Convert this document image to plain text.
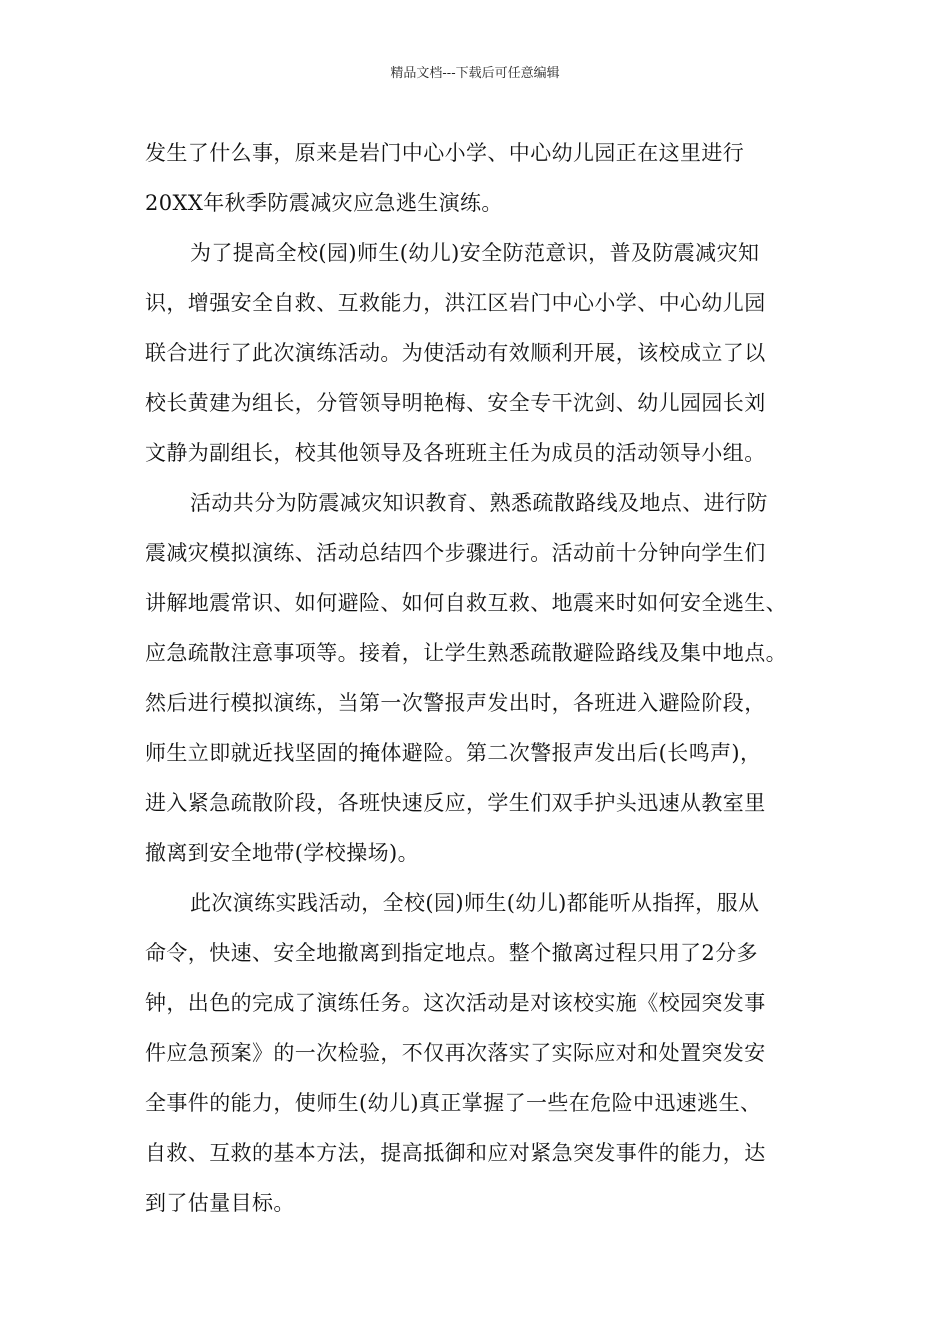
精品文档---下载后可任意编辑
发生了什么事，原来是岩门中心小学、中心幼儿园正在这里进行
20XX年秋季防震减灾应急逃生演练。
为了提高全校(园)师生(幼儿)安全防范意识，普及防震减灾知
识，增强安全自救、互救能力，洪江区岩门中心小学、中心幼儿园
联合进行了此次演练活动。为使活动有效顺利开展，该校成立了以
校长黄建为组长，分管领导明艳梅、安全专干沈剑、幼儿园园长刘
文静为副组长，校其他领导及各班班主任为成员的活动领导小组。
活动共分为防震减灾知识教育、熟悉疏散路线及地点、进行防
震减灾模拟演练、活动总结四个步骤进行。活动前十分钟向学生们
讲解地震常识、如何避险、如何自救互救、地震来时如何安全逃生、
应急疏散注意事项等。接着，让学生熟悉疏散避险路线及集中地点。
然后进行模拟演练，当第一次警报声发出时，各班进入避险阶段，
师生立即就近找坚固的掩体避险。第二次警报声发出后(长鸣声)，
进入紧急疏散阶段，各班快速反应，学生们双手护头迅速从教室里
撤离到安全地带(学校操场)。
此次演练实践活动，全校(园)师生(幼儿)都能听从指挥，服从
命令，快速、安全地撤离到指定地点。整个撤离过程只用了2分多
钟，出色的完成了演练任务。这次活动是对该校实施《校园突发事
件应急预案》的一次检验，不仅再次落实了实际应对和处置突发安
全事件的能力，使师生(幼儿)真正掌握了一些在危险中迅速逃生、
自救、互救的基本方法，提高抵御和应对紧急突发事件的能力，达
到了估量目标。
